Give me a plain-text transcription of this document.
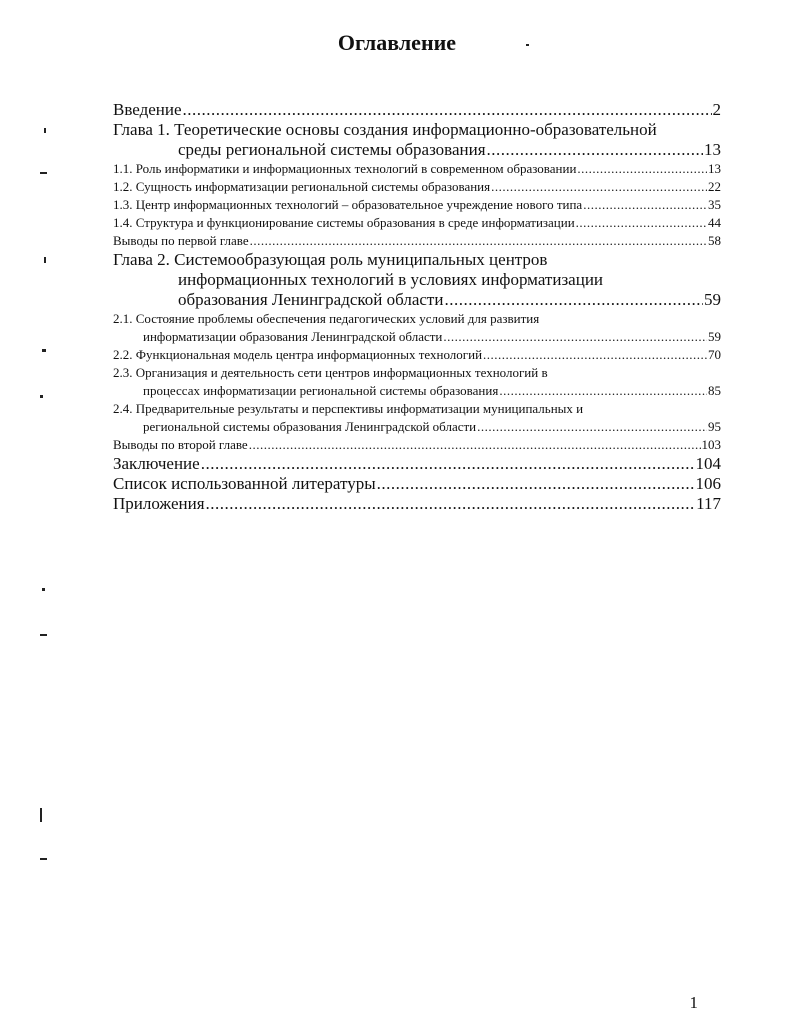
Оглавление
Введение .....	2
Глава 1. Теоретические основы создания информационно-образовательной
среды региональной системы образования .....	13
1.1. Роль информатики и информационных технологий в современном образовании .....	13
1.2. Сущность информатизации региональной системы образования .....	22
1.3. Центр информационных технологий – образовательное учреждение нового типа .....	35
1.4. Структура и функционирование системы образования в среде информатизации .....	44
Выводы по первой главе .....	58
Глава 2. Системообразующая роль муниципальных центров
информационных технологий в условиях информатизации
образования Ленинградской области .....	59
2.1. Состояние проблемы обеспечения педагогических условий для развития
информатизации образования Ленинградской области .....	59
2.2. Функциональная модель центра информационных технологий .....	70
2.3. Организация и деятельность сети центров информационных технологий в
процессах информатизации региональной системы образования .....	85
2.4. Предварительные результаты и перспективы информатизации муниципальных и
региональной системы образования Ленинградской области .....	95
Выводы по второй главе .....	103
Заключение .....	104
Список использованной литературы .....	106
Приложения .....	117
1
